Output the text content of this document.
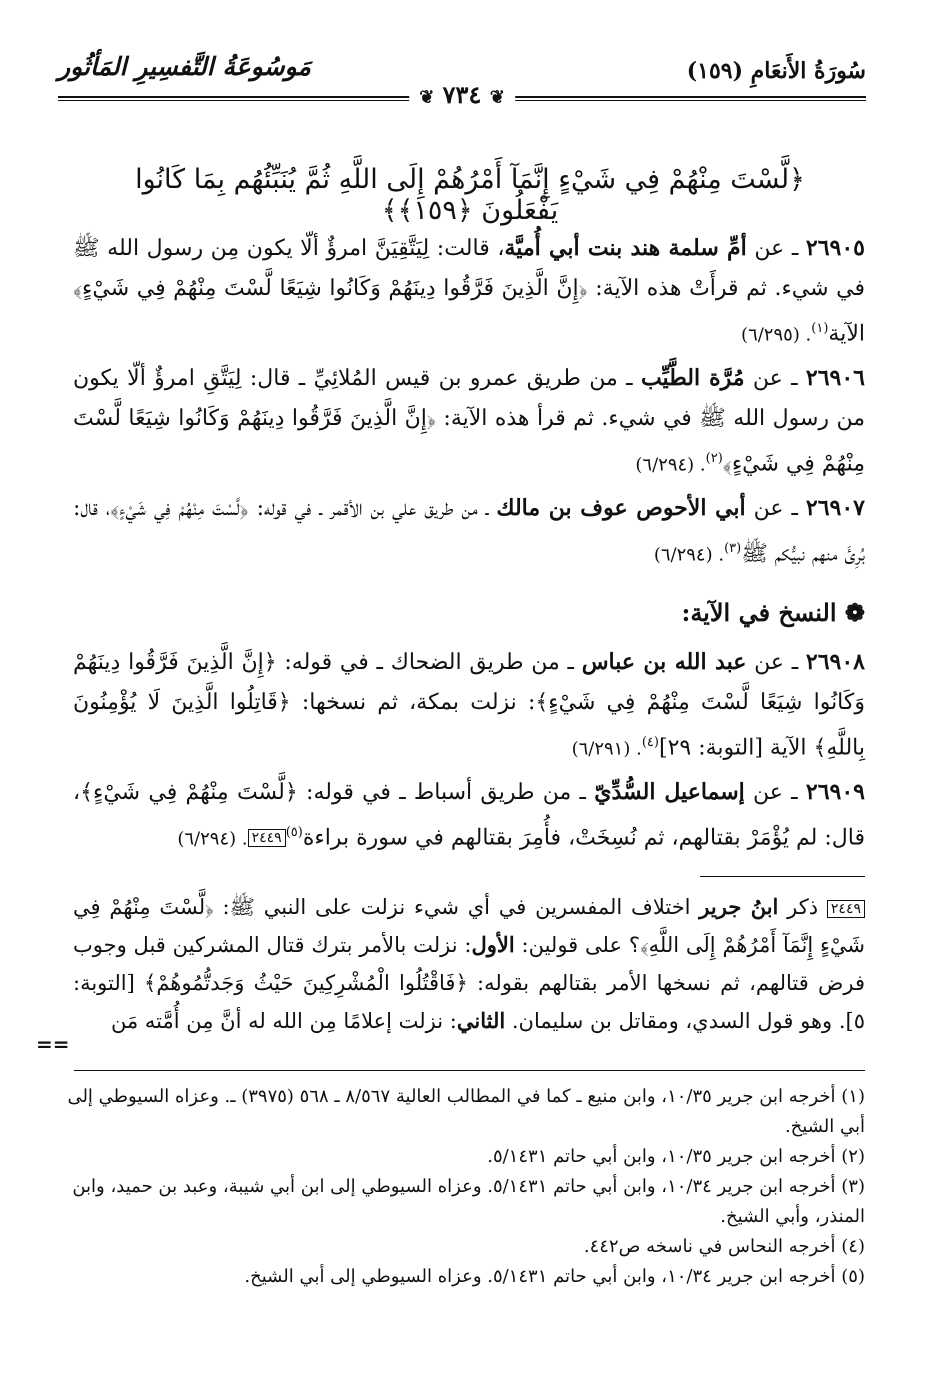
سُورَةُ الأَنعَامِ (١٥٩)
مَوسُوعَةُ التَّفسِيرِ المَأثُور
❦ ٧٣٤ ❦
﴿لَّسْتَ مِنْهُمْ فِي شَيْءٍ إِنَّمَآ أَمْرُهُمْ إِلَى اللَّهِ ثُمَّ يُنَبِّئُهُم بِمَا كَانُوا يَفْعَلُونَ ﴿١٥٩﴾﴾
٢٦٩٠٥ ـ عن أمِّ سلمة هند بنت أبي أُميَّة، قالت: لِيَتَّقِيَنَّ امرؤٌ ألّا يكون مِن رسول الله ﷺ في شيء. ثم قرأَتْ هذه الآية: ﴿إِنَّ الَّذِينَ فَرَّقُوا دِينَهُمْ وَكَانُوا شِيَعًا لَّسْتَ مِنْهُمْ فِي شَيْءٍ﴾ الآية$^{(١)}$. (٦/٢٩٥)
٢٦٩٠٦ ـ عن مُرَّة الطَّيِّب ـ من طريق عمرو بن قيس المُلائِيِّ ـ قال: لِيَتَّقِ امرؤٌ ألّا يكون من رسول الله ﷺ في شيء. ثم قرأ هذه الآية: ﴿إِنَّ الَّذِينَ فَرَّقُوا دِينَهُمْ وَكَانُوا شِيَعًا لَّسْتَ مِنْهُمْ فِي شَيْءٍ﴾$^{(٢)}$. (٦/٢٩٤)
٢٦٩٠٧ ـ عن أبي الأحوص عوف بن مالك ـ من طريق علي بن الأقمر ـ في قوله: ﴿لَّسْتَ مِنْهُمْ فِي شَيْءٍ﴾، قال: بُرِئَ منهم نبيُّكم ﷺ$^{(٣)}$. (٦/٢٩٤)
❁ النسخ في الآية:
٢٦٩٠٨ ـ عن عبد الله بن عباس ـ من طريق الضحاك ـ في قوله: ﴿إِنَّ الَّذِينَ فَرَّقُوا دِينَهُمْ وَكَانُوا شِيَعًا لَّسْتَ مِنْهُمْ فِي شَيْءٍ﴾: نزلت بمكة، ثم نسخها: ﴿قَاتِلُوا الَّذِينَ لَا يُؤْمِنُونَ بِاللَّهِ﴾ الآية [التوبة: ٢٩]$^{(٤)}$. (٦/٢٩١)
٢٦٩٠٩ ـ عن إسماعيل السُّدِّيّ ـ من طريق أسباط ـ في قوله: ﴿لَّسْتَ مِنْهُمْ فِي شَيْءٍ﴾، قال: لم يُؤْمَرْ بقتالهم، ثم نُسِخَتْ، فأُمِرَ بقتالهم في سورة براءة$^{(٥)}$٢٤٤٩. (٦/٢٩٤)
٢٤٤٩ ذكر ابنُ جرير اختلاف المفسرين في أي شيء نزلت على النبي ﷺ: ﴿لَّسْتَ مِنْهُمْ فِي شَيْءٍ إِنَّمَآ أَمْرُهُمْ إِلَى اللَّهِ﴾؟ على قولين: الأول: نزلت بالأمر بترك قتال المشركين قبل وجوب فرض قتالهم، ثم نسخها الأمر بقتالهم بقوله: ﴿فَاقْتُلُوا الْمُشْرِكِينَ حَيْثُ وَجَدتُّمُوهُمْ﴾ [التوبة: ٥]. وهو قول السدي، ومقاتل بن سليمان. الثاني: نزلت إعلامًا مِن الله له أنَّ مِن أُمَّته مَن
==

(١) أخرجه ابن جرير ١٠/٣٥، وابن منيع ـ كما في المطالب العالية ٨/٥٦٧ ـ ٥٦٨ (٣٩٧٥) ـ. وعزاه السيوطي إلى أبي الشيخ.

(٢) أخرجه ابن جرير ١٠/٣٥، وابن أبي حاتم ٥/١٤٣١.

(٣) أخرجه ابن جرير ١٠/٣٤، وابن أبي حاتم ٥/١٤٣١. وعزاه السيوطي إلى ابن أبي شيبة، وعبد بن حميد، وابن المنذر، وأبي الشيخ.

(٤) أخرجه النحاس في ناسخه ص٤٤٢.

(٥) أخرجه ابن جرير ١٠/٣٤، وابن أبي حاتم ٥/١٤٣١. وعزاه السيوطي إلى أبي الشيخ.
